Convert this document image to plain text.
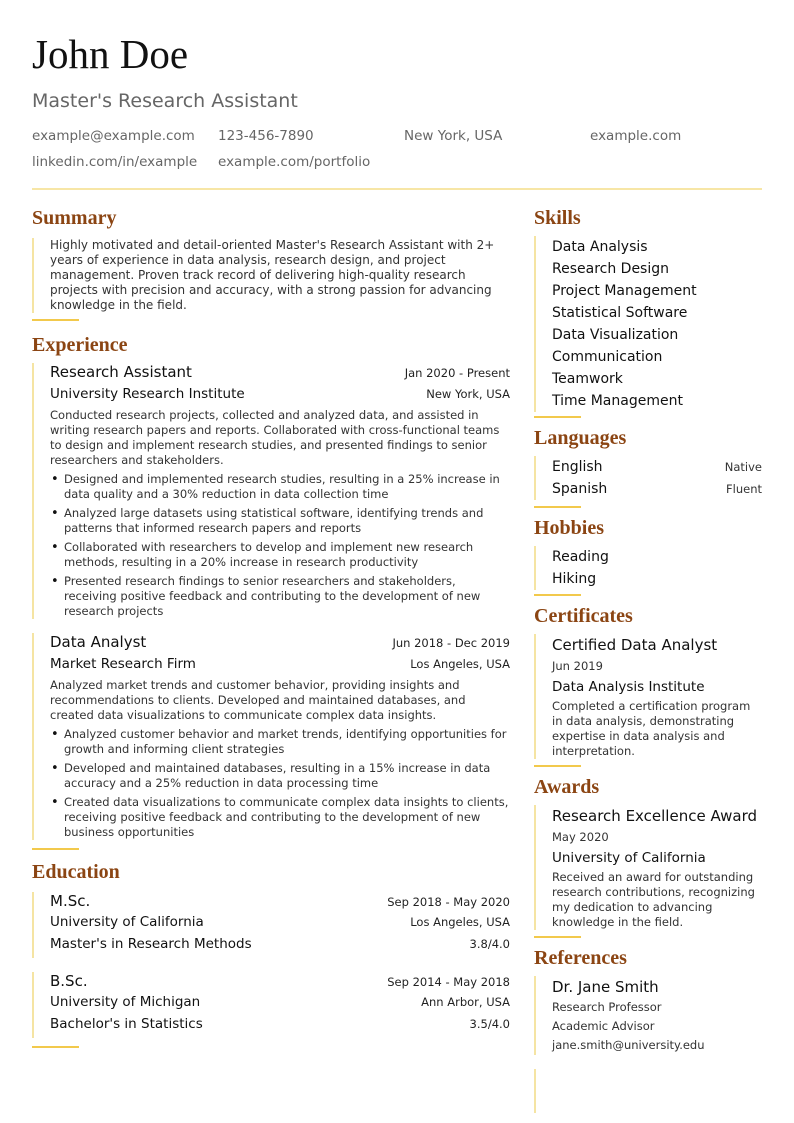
John Doe
Master's Research Assistant
example@example.com	123-456-7890	New York, USA	example.com
linkedin.com/in/example	example.com/portfolio
Summary
Highly motivated and detail-oriented Master's Research Assistant with 2+ years of experience in data analysis, research design, and project management. Proven track record of delivering high-quality research projects with precision and accuracy, with a strong passion for advancing knowledge in the field.
Experience
Research Assistant	Jan 2020 - Present
University Research Institute	New York, USA
Conducted research projects, collected and analyzed data, and assisted in writing research papers and reports. Collaborated with cross-functional teams to design and implement research studies, and presented findings to senior researchers and stakeholders.
• Designed and implemented research studies, resulting in a 25% increase in data quality and a 30% reduction in data collection time
• Analyzed large datasets using statistical software, identifying trends and patterns that informed research papers and reports
• Collaborated with researchers to develop and implement new research methods, resulting in a 20% increase in research productivity
• Presented research findings to senior researchers and stakeholders, receiving positive feedback and contributing to the development of new research projects
Data Analyst	Jun 2018 - Dec 2019
Market Research Firm	Los Angeles, USA
Analyzed market trends and customer behavior, providing insights and recommendations to clients. Developed and maintained databases, and created data visualizations to communicate complex data insights.
• Analyzed customer behavior and market trends, identifying opportunities for growth and informing client strategies
• Developed and maintained databases, resulting in a 15% increase in data accuracy and a 25% reduction in data processing time
• Created data visualizations to communicate complex data insights to clients, receiving positive feedback and contributing to the development of new business opportunities
Education
M.Sc.	Sep 2018 - May 2020
University of California	Los Angeles, USA
Master's in Research Methods	3.8/4.0
B.Sc.	Sep 2014 - May 2018
University of Michigan	Ann Arbor, USA
Bachelor's in Statistics	3.5/4.0
Skills
Data Analysis
Research Design
Project Management
Statistical Software
Data Visualization
Communication
Teamwork
Time Management
Languages
English	Native
Spanish	Fluent
Hobbies
Reading
Hiking
Certificates
Certified Data Analyst
Jun 2019
Data Analysis Institute
Completed a certification program in data analysis, demonstrating expertise in data analysis and interpretation.
Awards
Research Excellence Award
May 2020
University of California
Received an award for outstanding research contributions, recognizing my dedication to advancing knowledge in the field.
References
Dr. Jane Smith
Research Professor
Academic Advisor
jane.smith@university.edu
